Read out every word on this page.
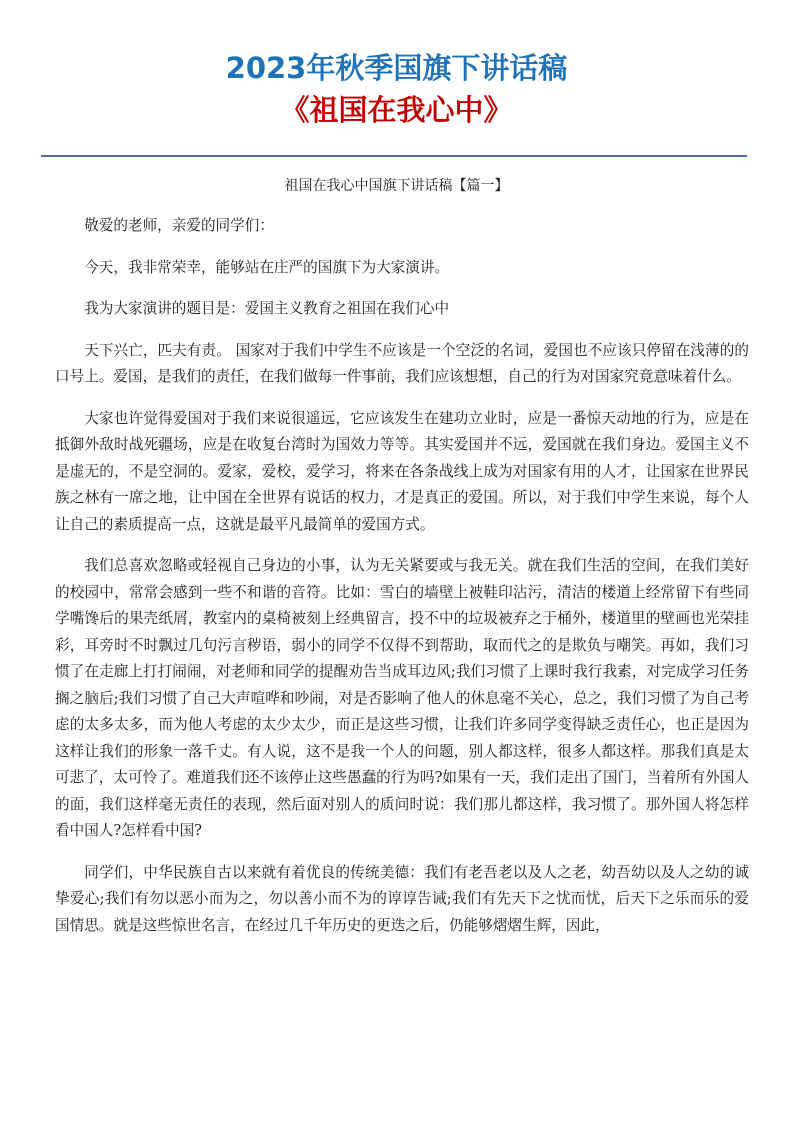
2023年秋季国旗下讲话稿
《祖国在我心中》
祖国在我心中国旗下讲话稿【篇一】

敬爱的老师，亲爱的同学们：

今天，我非常荣幸，能够站在庄严的国旗下为大家演讲。

我为大家演讲的题目是：爱国主义教育之祖国在我们心中

天下兴亡，匹夫有责。 国家对于我们中学生不应该是一个空泛的名词，爱国也不应该只停留在浅薄的的口号上。爱国，是我们的责任，在我们做每一件事前，我们应该想想，自己的行为对国家究竟意味着什么。

大家也许觉得爱国对于我们来说很遥远，它应该发生在建功立业时，应是一番惊天动地的行为，应是在抵御外敌时战死疆场，应是在收复台湾时为国效力等等。其实爱国并不远，爱国就在我们身边。爱国主义不是虚无的，不是空洞的。爱家，爱校，爱学习，将来在各条战线上成为对国家有用的人才，让国家在世界民族之林有一席之地，让中国在全世界有说话的权力，才是真正的爱国。所以，对于我们中学生来说，每个人让自己的素质提高一点，这就是最平凡最简单的爱国方式。

我们总喜欢忽略或轻视自己身边的小事，认为无关紧要或与我无关。就在我们生活的空间，在我们美好的校园中，常常会感到一些不和谐的音符。比如：雪白的墙壁上被鞋印沾污，清洁的楼道上经常留下有些同学嘴馋后的果壳纸屑，教室内的桌椅被刻上经典留言，投不中的垃圾被弃之于桶外，楼道里的壁画也光荣挂彩，耳旁时不时飘过几句污言秽语，弱小的同学不仅得不到帮助，取而代之的是欺负与嘲笑。再如，我们习惯了在走廊上打打闹闹，对老师和同学的提醒劝告当成耳边风;我们习惯了上课时我行我素，对完成学习任务搁之脑后;我们习惯了自己大声喧哗和吵闹，对是否影响了他人的休息毫不关心，总之，我们习惯了为自己考虑的太多太多，而为他人考虑的太少太少，而正是这些习惯，让我们许多同学变得缺乏责任心，也正是因为这样让我们的形象一落千丈。有人说，这不是我一个人的问题，别人都这样，很多人都这样。那我们真是太可悲了，太可怜了。难道我们还不该停止这些愚蠢的行为吗?如果有一天，我们走出了国门，当着所有外国人的面，我们这样毫无责任的表现，然后面对别人的质问时说：我们那儿都这样，我习惯了。那外国人将怎样看中国人?怎样看中国?

同学们，中华民族自古以来就有着优良的传统美德：我们有老吾老以及人之老，幼吾幼以及人之幼的诚挚爱心;我们有勿以恶小而为之，勿以善小而不为的谆谆告诫;我们有先天下之忧而忧，后天下之乐而乐的爱国情思。就是这些惊世名言，在经过几千年历史的更迭之后，仍能够熠熠生辉，因此，
